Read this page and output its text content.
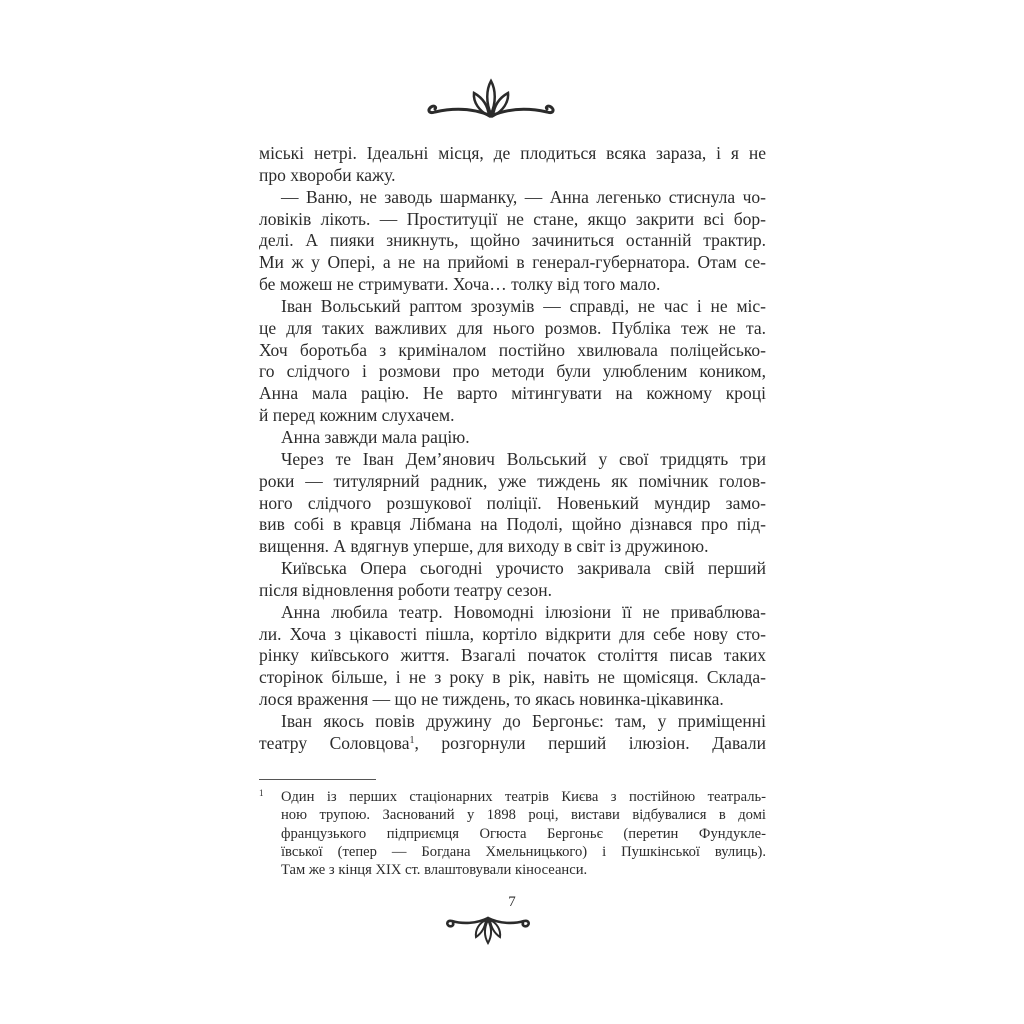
міські нетрі. Ідеальні місця, де плодиться всяка зараза, і я не
про хвороби кажу.
— Ваню, не заводь шарманку, — Анна легенько стиснула чо-
ловіків лікоть. — Проституції не стане, якщо закрити всі бор-
делі. А пияки зникнуть, щойно зачиниться останній трактир.
Ми ж у Опері, а не на прийомі в генерал-губернатора. Отам се-
бе можеш не стримувати. Хоча… толку від того мало.
Іван Вольський раптом зрозумів — справді, не час і не міс-
це для таких важливих для нього розмов. Публіка теж не та.
Хоч боротьба з криміналом постійно хвилювала поліцейсько-
го слідчого і розмови про методи були улюбленим коником,
Анна мала рацію. Не варто мітингувати на кожному кроці
й перед кожним слухачем.
Анна завжди мала рацію.
Через те Іван Дем’янович Вольський у свої тридцять три
роки — титулярний радник, уже тиждень як помічник голов-
ного слідчого розшукової поліції. Новенький мундир замо-
вив собі в кравця Лібмана на Подолі, щойно дізнався про під-
вищення. А вдягнув уперше, для виходу в світ із дружиною.
Київська Опера сьогодні урочисто закривала свій перший
після відновлення роботи театру сезон.
Анна любила театр. Новомодні ілюзіони її не приваблюва-
ли. Хоча з цікавості пішла, кортіло відкрити для себе нову сто-
рінку київського життя. Взагалі початок століття писав таких
сторінок більше, і не з року в рік, навіть не щомісяця. Склада-
лося враження — що не тиждень, то якась новинка-цікавинка.
Іван якось повів дружину до Бергоньє: там, у приміщенні
театру Соловцова$^1$, розгорнули перший ілюзіон. Давали
1 Один із перших стаціонарних театрів Києва з постійною театраль-
ною трупою. Заснований у 1898 році, вистави відбувалися в домі
французького підприємця Огюста Бергоньє (перетин Фундукле-
ївської (тепер — Богдана Хмельницького) і Пушкінської вулиць).
Там же з кінця XIX ст. влаштовували кіносеанси.
7
